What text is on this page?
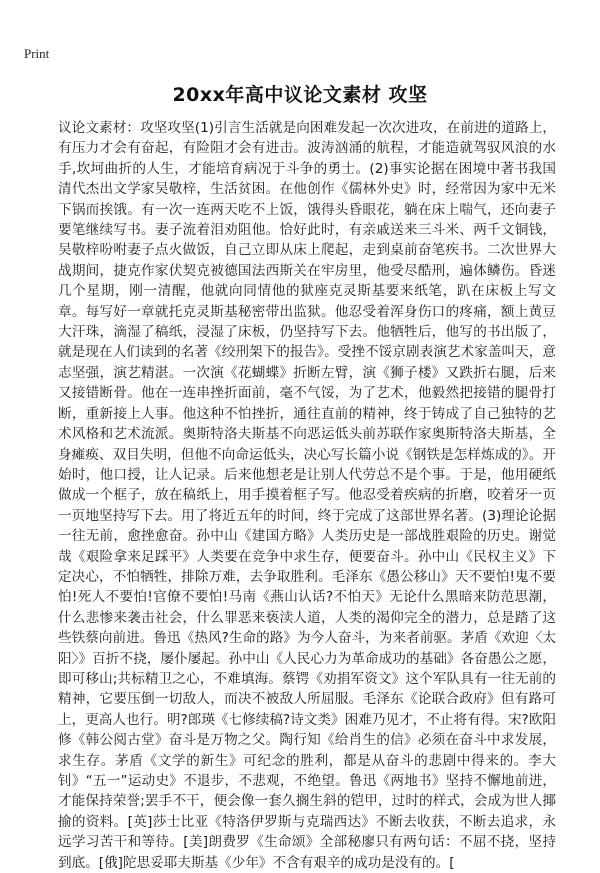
Print
20xx年高中议论文素材 攻坚

议论文素材：攻坚攻坚(1)引言生活就是向困难发起一次次进攻，在前进的道路上，有压力才会有奋起，有险阻才会有进击。波涛汹涌的航程，才能造就驾驭风浪的水手,坎坷曲折的人生，才能培育病况于斗争的勇士。(2)事实论据在困境中著书我国清代杰出文学家吴敬梓，生活贫困。在他创作《儒林外史》时，经常因为家中无米下锅而挨饿。有一次一连两天吃不上饭，饿得头昏眼花，躺在床上喘气，还向妻子要笔继续写书。妻子流着泪劝阻他。恰好此时，有亲戚送来三斗米、两千文铜钱，吴敬梓吩咐妻子点火做饭，自己立即从床上爬起，走到桌前奋笔疾书。二次世界大战期间，捷克作家伏契克被德国法西斯关在牢房里，他受尽酷刑，遍体鳞伤。昏迷几个星期，刚一清醒，他就向同情他的狱座克灵斯基要来纸笔，趴在床板上写文章。每写好一章就托克灵斯基秘密带出监狱。他忍受着浑身伤口的疼痛，额上黄豆大汗珠，滴湿了稿纸，浸湿了床板，仍坚持写下去。他牺牲后，他写的书出版了，就是现在人们读到的名著《绞刑架下的报告》。受挫不馁京剧表演艺术家盖叫天，意志坚强，演艺精湛。一次演《花蝴蝶》折断左臂，演《狮子楼》又跌折右腿，后来又接错断骨。他在一连串挫折面前，毫不气馁，为了艺术，他毅然把接错的腿骨打断，重新接上人事。他这种不怕挫折，通往直前的精神，终于铸成了自己独特的艺术风格和艺术流派。奥斯特洛夫斯基不向恶运低头前苏联作家奥斯特洛夫斯基，全身瘫痪、双目失明，但他不向命运低头，决心写长篇小说《钢铁是怎样炼成的》。开始时，他口授，让人记录。后来他想老是让别人代劳总不是个事。于是，他用硬纸做成一个框子，放在稿纸上，用手摸着框子写。他忍受着疾病的折磨，咬着牙一页一页地坚持写下去。用了将近五年的时间，终于完成了这部世界名著。(3)理论论据一往无前，愈挫愈奋。孙中山《建国方略》人类历史是一部战胜艰险的历史。谢觉哉《艰险拿来足踩平》人类要在竞争中求生存，便要奋斗。孙中山《民权主义》下定决心，不怕牺牲，排除万难，去争取胜利。毛泽东《愚公移山》天不要怕!鬼不要怕!死人不要怕!官僚不要怕!马南《燕山认话?不怕天》无论什么黑暗来防范思潮，什么悲惨来袭击社会，什么罪恶来亵渎人道，人类的渴仰完全的潜力，总是踏了这些铁蔡向前进。鲁迅《热风?生命的路》为今人奋斗，为来者前驱。茅盾《欢迎〈太阳〉》百折不挠，屡仆屡起。孙中山《人民心力为革命成功的基础》各奋愚公之愿，即可移山;共标精卫之心，不难填海。蔡锷《劝捐军资文》这个军队具有一往无前的精神，它要压倒一切敌人，而决不被敌人所屈服。毛泽东《论联合政府》但有路可上，更高人也行。明?郎瑛《七修续稿?诗文类》困难乃见才，不止将有得。宋?欧阳修《韩公阅古堂》奋斗是万物之父。陶行知《给肖生的信》必须在奋斗中求发展，求生存。茅盾《文学的新生》可纪念的胜利，都是从奋斗的悲剧中得来的。李大钊》“五一”运动史》不退步，不悲观，不绝望。鲁迅《两地书》坚持不懈地前进，才能保持荣誉;罢手不干，便会像一套久搁生斜的铠甲，过时的样式，会成为世人揶揄的资料。[英]莎士比亚《特洛伊罗斯与克瑞西达》不断去收获，不断去追求，永远学习苦干和等待。[美]朗费罗《生命颂》全部秘廖只有两句话：不屈不挠，坚持到底。[俄]陀思妥耶夫斯基《少年》不含有艰辛的成功是没有的。[
